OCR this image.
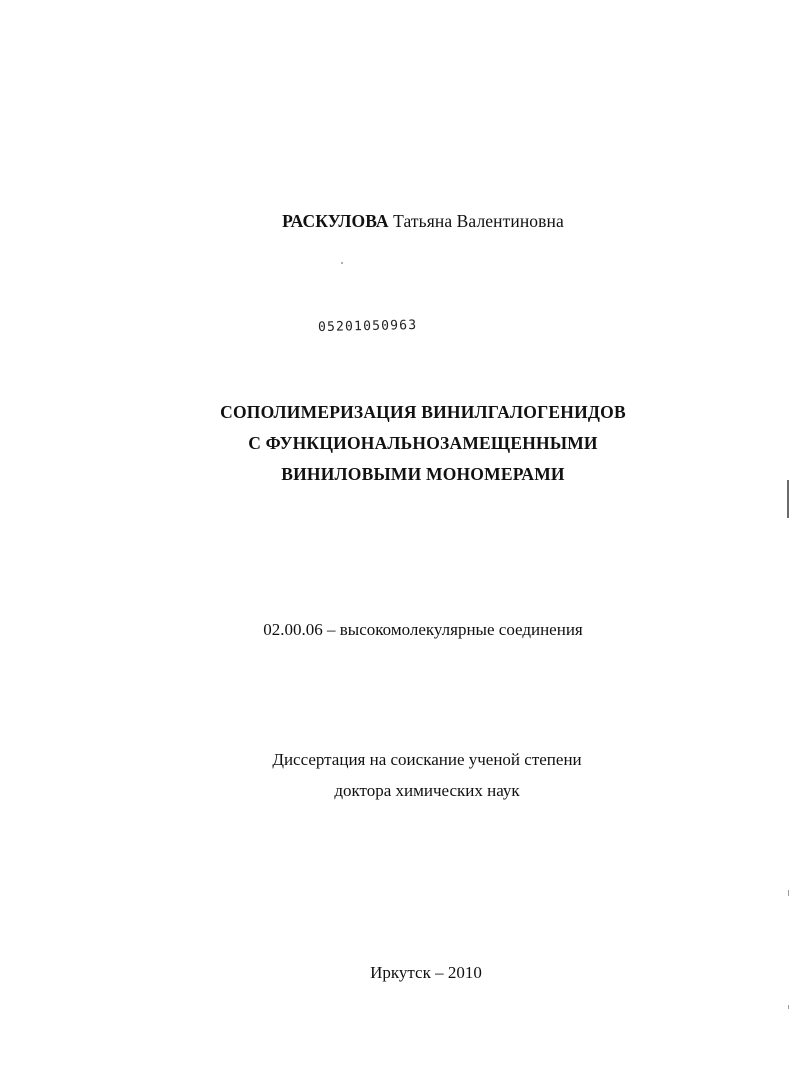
РАСКУЛОВА Татьяна Валентиновна
05201050963
СОПОЛИМЕРИЗАЦИЯ ВИНИЛГАЛОГЕНИДОВ
С ФУНКЦИОНАЛЬНОЗАМЕЩЕННЫМИ
ВИНИЛОВЫМИ МОНОМЕРАМИ
02.00.06 – высокомолекулярные соединения
Диссертация на соискание ученой степени
доктора химических наук
Иркутск – 2010
